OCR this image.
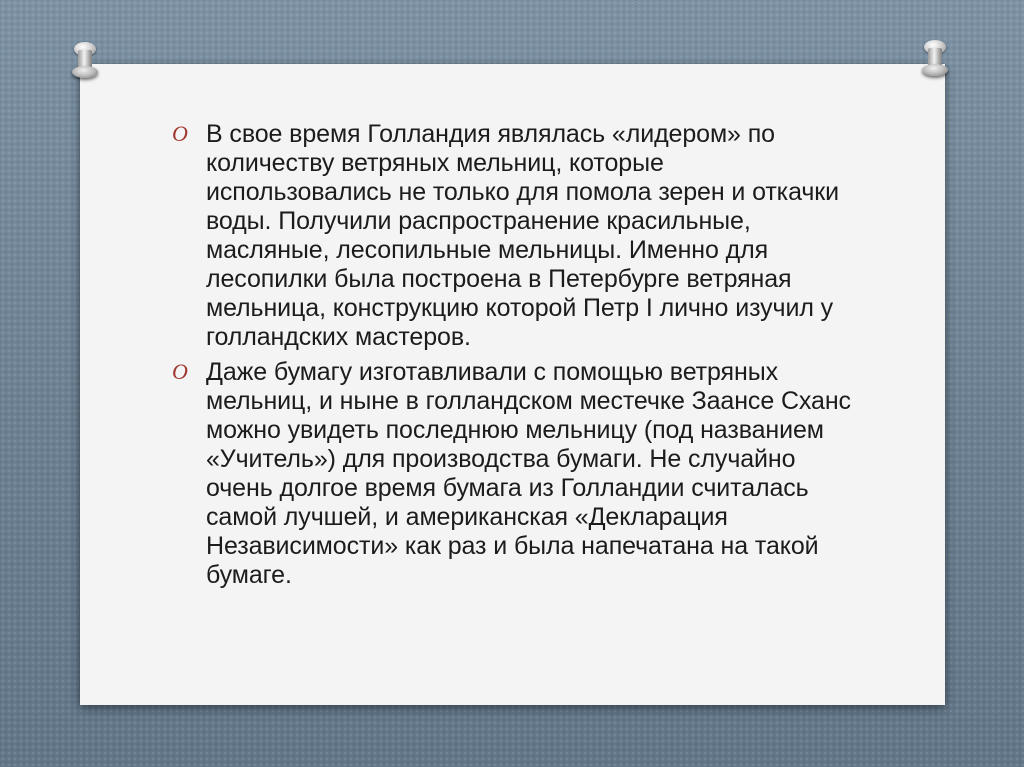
O В свое время Голландия являлась «лидером» по количеству ветряных мельниц, которые использовались не только для помола зерен и откачки воды. Получили распространение красильные, масляные, лесопильные мельницы. Именно для лесопилки была построена в Петербурге ветряная мельница, конструкцию которой Петр I лично изучил у голландских мастеров.
O Даже бумагу изготавливали с помощью ветряных мельниц, и ныне в голландском местечке Заансе Сханс можно увидеть последнюю мельницу (под названием «Учитель») для производства бумаги. Не случайно очень долгое время бумага из Голландии считалась самой лучшей, и американская «Декларация Независимости» как раз и была напечатана на такой бумаге.
